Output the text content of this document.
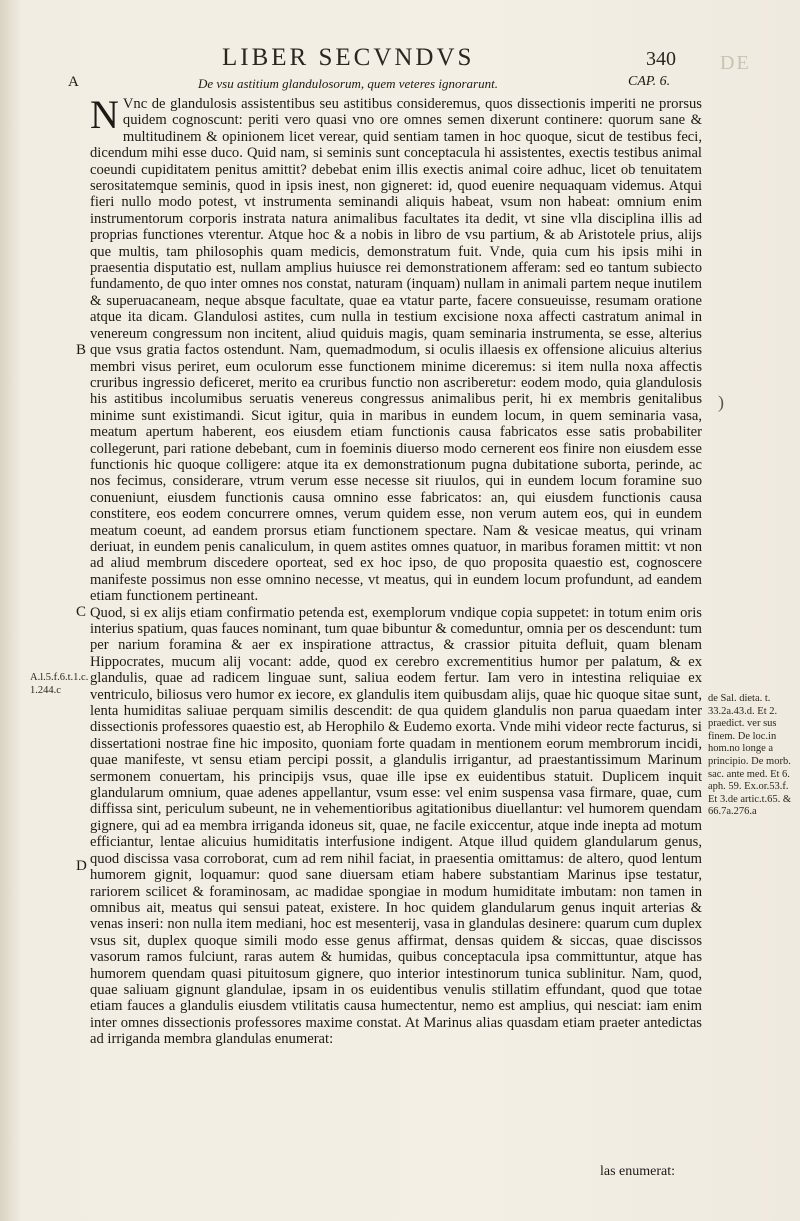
DE
LIBER SECVNDVS	340
A	De vsu astitium glandulosorum, quem veteres ignorarunt.	CAP. 6.

N Vnc de glandulosis assistentibus seu astitibus consideremus, quos dissectionis imperiti ne prorsus quidem cognoscunt: periti vero quasi vno ore omnes semen dixerunt continere: quorum sane & multitudinem & opinionem licet verear, quid sentiam tamen in hoc quoque, sicut de testibus feci, dicendum mihi esse duco. Quid nam, si seminis sunt conceptacula hi assistentes, exectis testibus animal coeundi cupiditatem penitus amittit? debebat enim illis exectis animal coire adhuc, licet ob tenuitatem serositatemque seminis, quod in ipsis inest, non gigneret: id, quod euenire nequaquam videmus. Atqui fieri nullo modo potest, vt instrumenta seminandi aliquis habeat, vsum non habeat: omnium enim instrumentorum corporis instrata natura animalibus facultates ita dedit, vt sine vlla disciplina illis ad proprias functiones vterentur. Atque hoc & a nobis in libro de vsu partium, & ab Aristotele prius, alijs que multis, tam philosophis quam medicis, demonstratum fuit. Vnde, quia cum his ipsis mihi in praesentia disputatio est, nullam amplius huiusce rei demonstrationem afferam: sed eo tantum subiecto fundamento, de quo inter omnes nos constat, naturam (inquam) nullam in animali partem neque inutilem & superuacaneam, neque absque facultate, quae ea vtatur parte, facere consueuisse, resumam oratione atque ita dicam. Glandulosi astites, cum nulla in testium excisione noxa affecti castratum animal in venereum congressum non incitent, aliud quiduis magis, quam seminaria instrumenta, se esse, alterius que vsus gratia factos ostendunt. Nam, quemadmodum, si oculis illaesis ex offensione alicuius alterius membri visus periret, eum oculorum esse functionem minime diceremus: si item nulla noxa affectis cruribus ingressio deficeret, merito ea cruribus functio non ascriberetur: eodem modo, quia glandulosis his astitibus incolumibus seruatis venereus congressus animalibus perit, hi ex membris genitalibus minime sunt existimandi. Sicut igitur, quia in maribus in eundem locum, in quem seminaria vasa, meatum apertum haberent, eos eiusdem etiam functionis causa fabricatos esse satis probabiliter collegerunt, pari ratione debebant, cum in foeminis diuerso modo cernerent eos finire non eiusdem esse functionis hic quoque colligere: atque ita ex demonstrationum pugna dubitatione suborta, perinde, ac nos fecimus, considerare, vtrum verum esse necesse sit riuulos, qui in eundem locum foramine suo conueniunt, eiusdem functionis causa omnino esse fabricatos: an, qui eiusdem functionis causa constitere, eos eodem concurrere omnes, verum quidem esse, non verum autem eos, qui in eundem meatum coeunt, ad eandem prorsus etiam functionem spectare. Nam & vesicae meatus, qui vrinam deriuat, in eundem penis canaliculum, in quem astites omnes quatuor, in maribus foramen mittit: vt non ad aliud membrum discedere oporteat, sed ex hoc ipso, de quo proposita quaestio est, cognoscere manifeste possimus non esse omnino necesse, vt meatus, qui in eundem locum profundunt, ad eandem etiam functionem pertineant.

Quod, si ex alijs etiam confirmatio petenda est, exemplorum vndique copia suppetet: in totum enim oris interius spatium, quas fauces nominant, tum quae bibuntur & comeduntur, omnia per os descendunt: tum per narium foramina & aer ex inspiratione attractus, & crassior pituita defluit, quam blenam Hippocrates, mucum alij vocant: adde, quod ex cerebro excrementitius humor per palatum, & ex glandulis, quae ad radicem linguae sunt, saliua eodem fertur. Iam vero in intestina reliquiae ex ventriculo, biliosus vero humor ex iecore, ex glandulis item quibusdam alijs, quae hic quoque sitae sunt, lenta humiditas saliuae perquam similis descendit: de qua quidem glandulis non parua quaedam inter dissectionis professores quaestio est, ab Herophilo & Eudemo exorta. Vnde mihi videor recte facturus, si dissertationi nostrae fine hic imposito, quoniam forte quadam in mentionem eorum membrorum incidi, quae manifeste, vt sensu etiam percipi possit, a glandulis irrigantur, ad praestantissimum Marinum sermonem conuertam, his principijs vsus, quae ille ipse ex euidentibus statuit. Duplicem inquit glandularum omnium, quae adenes appellantur, vsum esse: vel enim suspensa vasa firmare, quae, cum diffissa sint, periculum subeunt, ne in vehementioribus agitationibus diuellantur: vel humorem quendam gignere, qui ad ea membra irriganda idoneus sit, quae, ne facile exiccentur, atque inde inepta ad motum efficiantur, lentae alicuius humiditatis interfusione indigent. Atque illud quidem glandularum genus, quod discissa vasa corroborat, cum ad rem nihil faciat, in praesentia omittamus: de altero, quod lentum humorem gignit, loquamur: quod sane diuersam etiam habere substantiam Marinus ipse testatur, rariorem scilicet & foraminosam, ac madidae spongiae in modum humiditate imbutam: non tamen in omnibus ait, meatus qui sensui pateat, existere. In hoc quidem glandularum genus inquit arterias & venas inseri: non nulla item mediani, hoc est mesenterij, vasa in glandulas desinere: quarum cum duplex vsus sit, duplex quoque simili modo esse genus affirmat, densas quidem & siccas, quae discissos vasorum ramos fulciunt, raras autem & humidas, quibus conceptacula ipsa committuntur, atque has humorem quendam quasi pituitosum gignere, quo interior intestinorum tunica sublinitur. Nam, quod, quae saliuam gignunt glandulae, ipsam in os euidentibus venulis stillatim effundant, quod que totae etiam fauces a glandulis eiusdem vtilitatis causa humectentur, nemo est amplius, qui nesciat: iam enim inter omnes dissectionis professores maxime constat. At Marinus alias quasdam etiam praeter antedictas ad irriganda membra glandulas enumerat:

B
C
D
A.l.5.f.6.t.1.c. 1.244.c
de Sal. dieta. t. 33.2a.43.d. Et 2. praedict. ver sus finem. De loc.in hom.no longe a principio. De morb. sac. ante med. Et 6. aph. 59. Ex.or.53.f. Et 3.de artic.t.65. & 66.7a.276.a
)
las enumerat:
